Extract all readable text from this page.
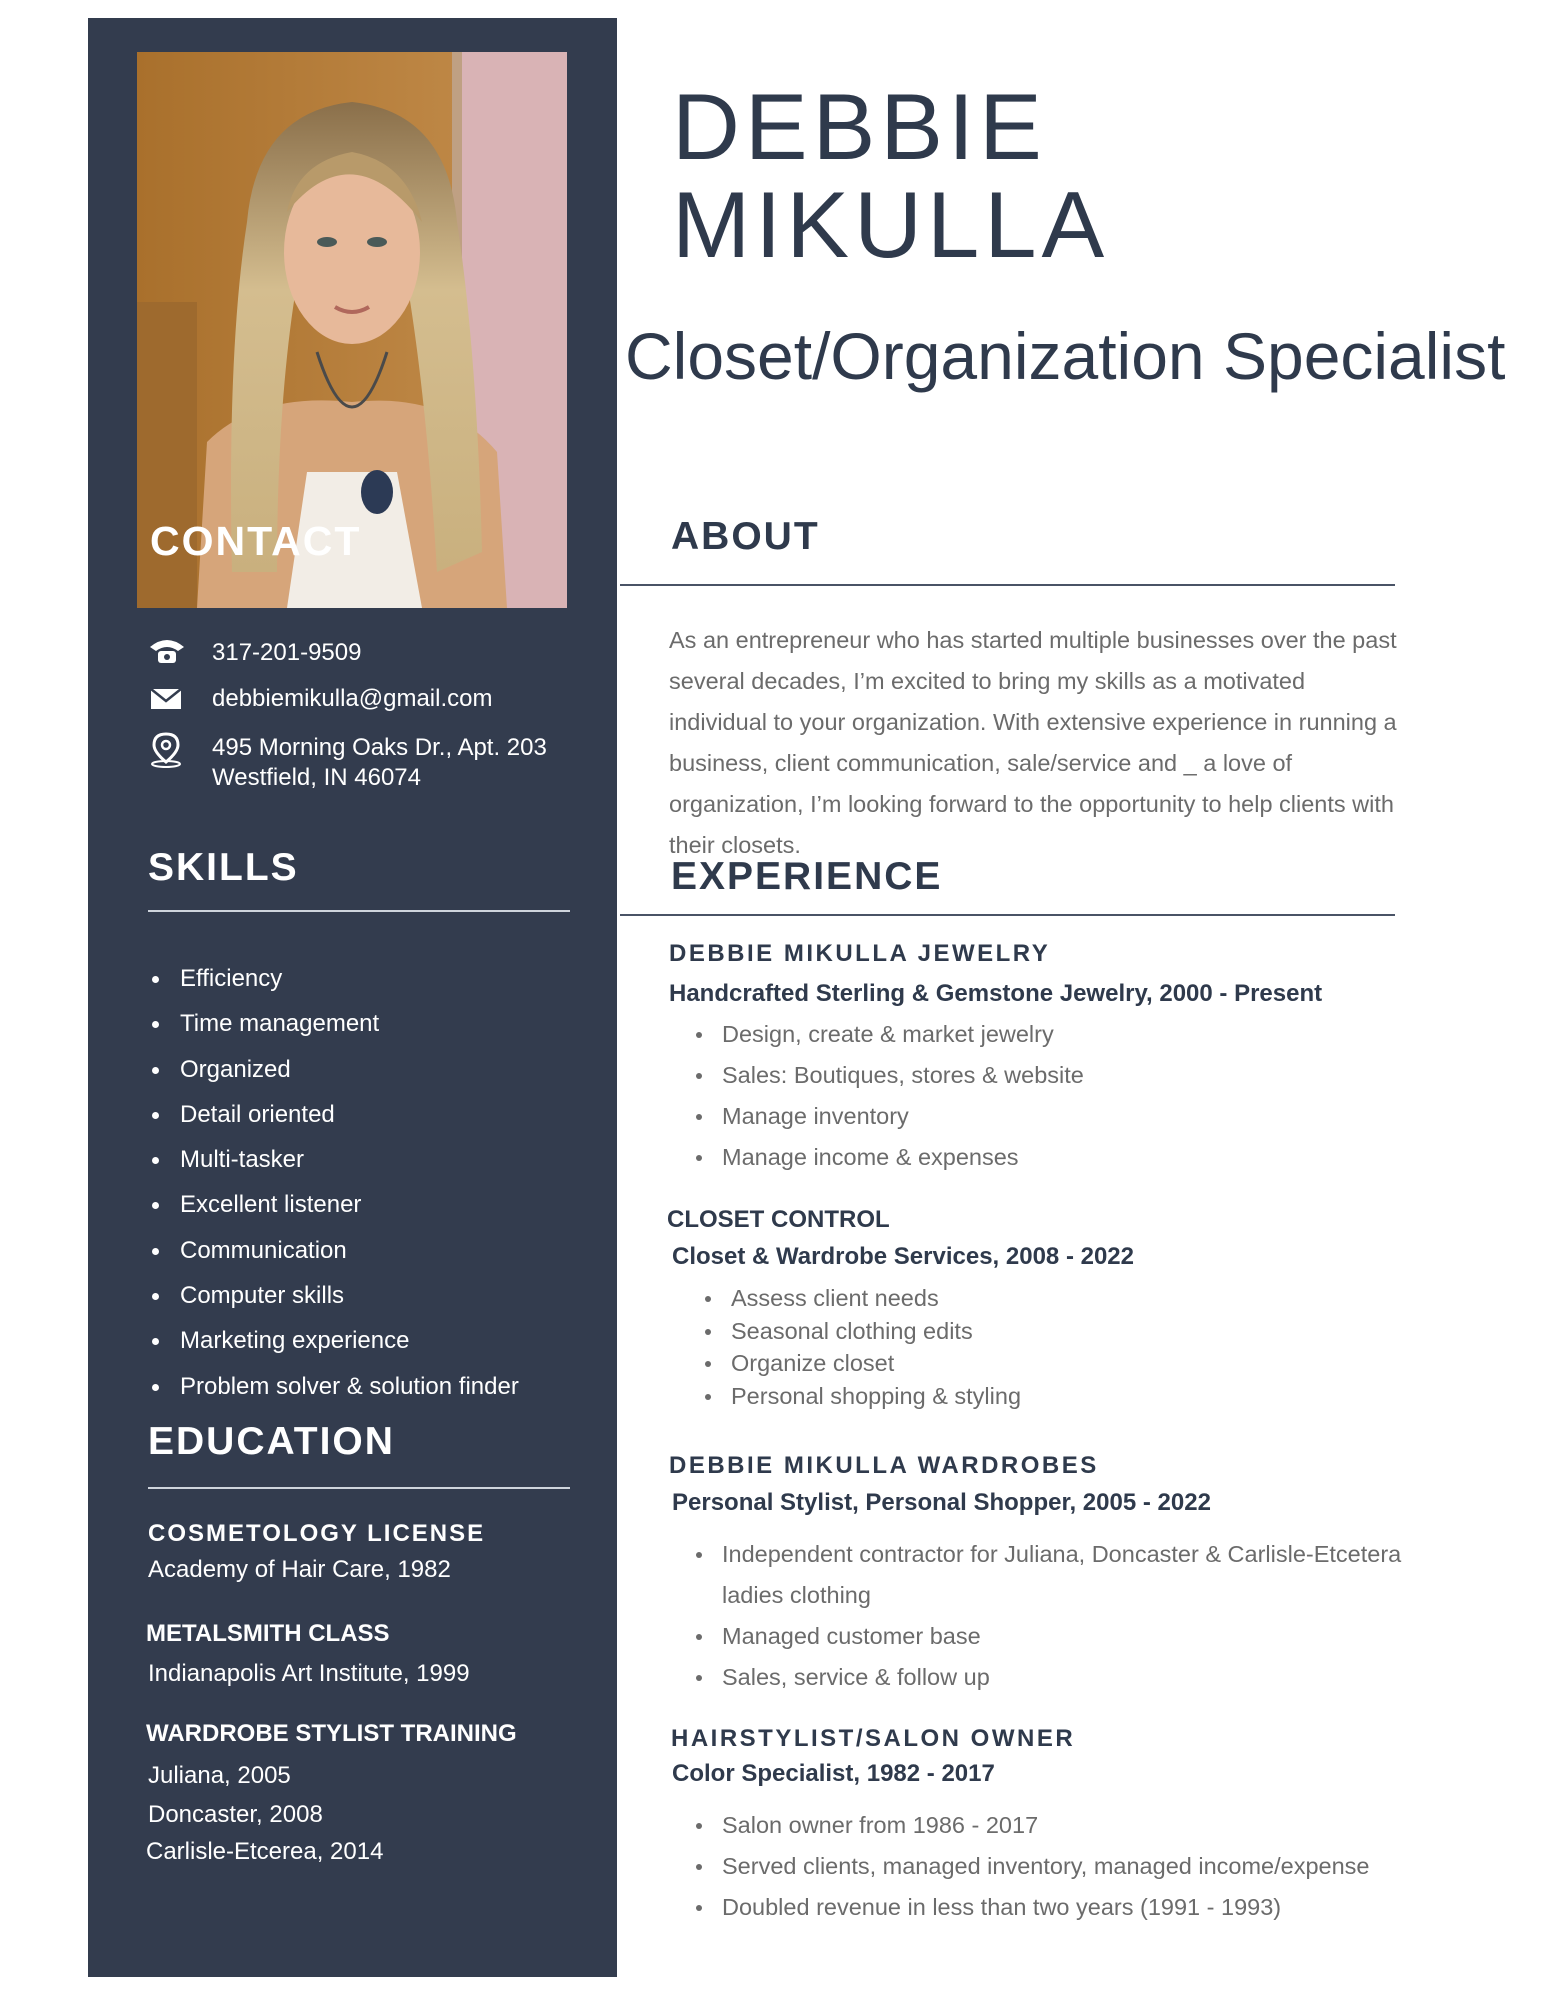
CONTACT
317-201-9509
debbiemikulla@gmail.com
495 Morning Oaks Dr., Apt. 203
Westfield, IN 46074
SKILLS
Efficiency
Time management
Organized
Detail oriented
Multi-tasker
Excellent listener
Communication
Computer skills
Marketing experience
Problem solver & solution finder
EDUCATION
COSMETOLOGY LICENSE
Academy of Hair Care, 1982
METALSMITH CLASS
Indianapolis Art Institute, 1999
WARDROBE STYLIST TRAINING
Juliana, 2005
Doncaster, 2008
Carlisle-Etcerea, 2014
DEBBIE
MIKULLA
Closet/Organization Specialist
ABOUT
As an entrepreneur who has started multiple businesses over the past several decades, I’m excited to bring my skills as a motivated individual to your organization. With extensive experience in running a business, client communication, sale/service and _ a love of organization, I’m looking forward to the opportunity to help clients with their closets.
EXPERIENCE
DEBBIE MIKULLA JEWELRY
Handcrafted Sterling & Gemstone Jewelry, 2000 - Present
Design, create & market jewelry
Sales: Boutiques, stores & website
Manage inventory
Manage income & expenses
CLOSET CONTROL
Closet & Wardrobe Services, 2008 - 2022
Assess client needs
Seasonal clothing edits
Organize closet
Personal shopping & styling
DEBBIE MIKULLA WARDROBES
Personal Stylist, Personal Shopper, 2005 - 2022
Independent contractor for Juliana, Doncaster & Carlisle-Etcetera ladies clothing
Managed customer base
Sales, service & follow up
HAIRSTYLIST/SALON OWNER
Color Specialist, 1982 - 2017
Salon owner from 1986 - 2017
Served clients, managed inventory, managed income/expense
Doubled revenue in less than two years (1991 - 1993)
